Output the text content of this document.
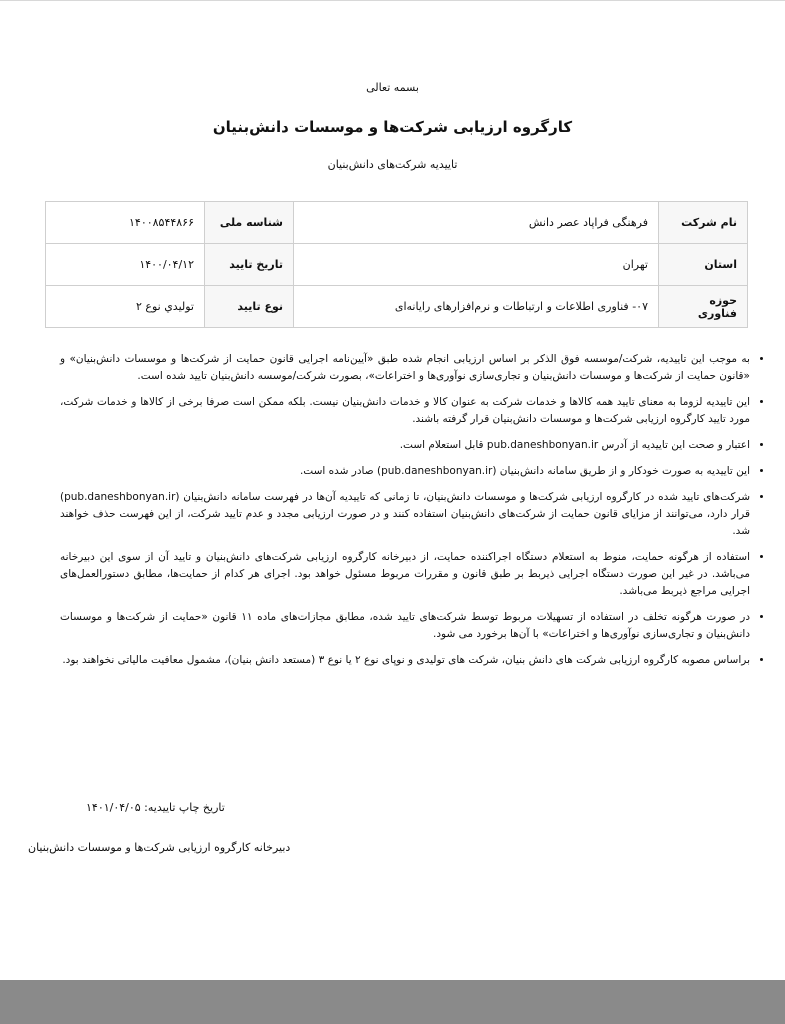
بسمه تعالی
کارگروه ارزیابی شرکت‌ها و موسسات دانش‌بنیان
تاییدیه شرکت‌های دانش‌بنیان
نام شرکت	فرهنگی فراپاد عصر دانش	شناسه ملی	۱۴۰۰۸۵۴۴۸۶۶
استان	تهران	تاریخ تایید	۱۴۰۰/۰۴/۱۲
حوزه فناوری	۰۷- فناوری اطلاعات و ارتباطات و نرم‌افزارهای رایانه‌ای	نوع تایید	تولیدي نوع ۲
• به موجب این تاییدیه، شرکت/موسسه فوق الذکر بر اساس ارزیابی انجام شده طبق «آیین‌نامه اجرایی قانون حمایت از شرکت‌ها و موسسات دانش‌بنیان» و «قانون حمایت از شرکت‌ها و موسسات دانش‌بنیان و تجاری‌سازی نوآوری‌ها و اختراعات»، بصورت شرکت/موسسه دانش‌بنیان تایید شده است.
• این تاییدیه لزوما به معنای تایید همه کالاها و خدمات شرکت به عنوان کالا و خدمات دانش‌بنیان نیست. بلکه ممکن است صرفا برخی از کالاها و خدمات شرکت، مورد تایید کارگروه ارزیابی شرکت‌ها و موسسات دانش‌بنیان قرار گرفته باشند.
• اعتبار و صحت این تاییدیه از آدرس pub.daneshbonyan.ir قابل استعلام است.
• این تاییدیه به صورت خودکار و از طریق سامانه دانش‌بنیان (pub.daneshbonyan.ir) صادر شده است.
• شرکت‌های تایید شده در کارگروه ارزیابی شرکت‌ها و موسسات دانش‌بنیان، تا زمانی که تاییدیه آن‌ها در فهرست سامانه دانش‌بنیان (pub.daneshbonyan.ir) قرار دارد، می‌توانند از مزایای قانون حمایت از شرکت‌های دانش‌بنیان استفاده کنند و در صورت ارزیابی مجدد و عدم تایید شرکت، از این فهرست حذف خواهند شد.
• استفاده از هرگونه حمایت، منوط به استعلام دستگاه اجراکننده حمایت، از دبیرخانه کارگروه ارزیابی شرکت‌های دانش‌بنیان و تایید آن از سوی این دبیرخانه می‌باشد. در غیر این صورت دستگاه اجرایی ذیربط بر طبق قانون و مقررات مربوط مسئول خواهد بود. اجرای هر کدام از حمایت‌ها، مطابق دستورالعمل‌های اجرایی مراجع ذیربط می‌باشد.
• در صورت هرگونه تخلف در استفاده از تسهیلات مربوط توسط شرکت‌های تایید شده، مطابق مجازات‌های ماده ۱۱ قانون «حمایت از شرکت‌ها و موسسات دانش‌بنیان و تجاری‌سازی نوآوری‌ها و اختراعات» با آن‌ها برخورد می شود.
• براساس مصوبه کارگروه ارزیابی شرکت های دانش بنیان، شرکت های تولیدی و نوپای نوع ۲ یا نوع ۳ (مستعد دانش بنیان)، مشمول معافیت مالیاتی نخواهند بود.
تاریخ چاپ تاییدیه: ۱۴۰۱/۰۴/۰۵
دبیرخانه کارگروه ارزیابی شرکت‌ها و موسسات دانش‌بنیان
